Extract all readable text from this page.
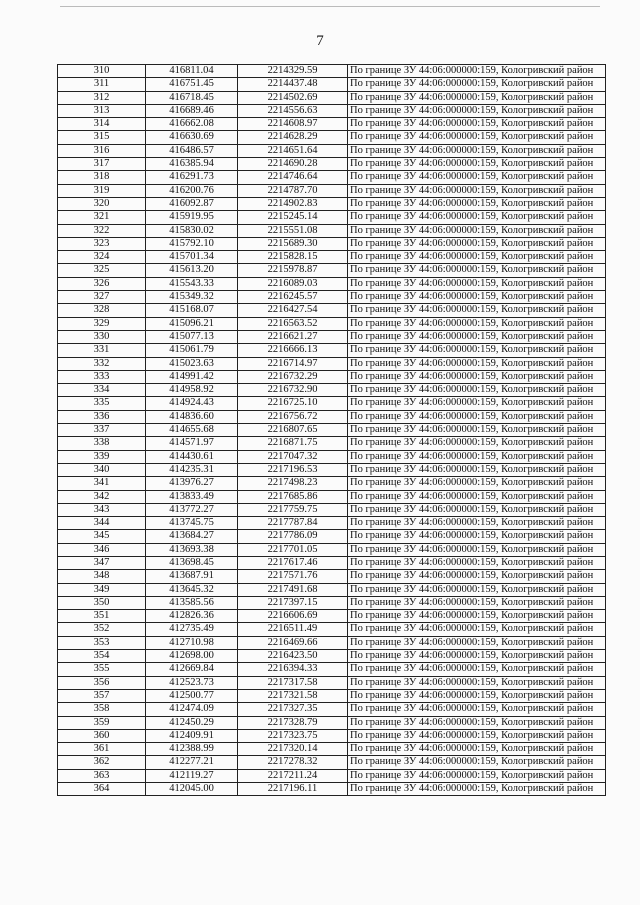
7
310	416811.04	2214329.59	По границе ЗУ 44:06:000000:159, Кологривский район
311	416751.45	2214437.48	По границе ЗУ 44:06:000000:159, Кологривский район
312	416718.45	2214502.69	По границе ЗУ 44:06:000000:159, Кологривский район
313	416689.46	2214556.63	По границе ЗУ 44:06:000000:159, Кологривский район
314	416662.08	2214608.97	По границе ЗУ 44:06:000000:159, Кологривский район
315	416630.69	2214628.29	По границе ЗУ 44:06:000000:159, Кологривский район
316	416486.57	2214651.64	По границе ЗУ 44:06:000000:159, Кологривский район
317	416385.94	2214690.28	По границе ЗУ 44:06:000000:159, Кологривский район
318	416291.73	2214746.64	По границе ЗУ 44:06:000000:159, Кологривский район
319	416200.76	2214787.70	По границе ЗУ 44:06:000000:159, Кологривский район
320	416092.87	2214902.83	По границе ЗУ 44:06:000000:159, Кологривский район
321	415919.95	2215245.14	По границе ЗУ 44:06:000000:159, Кологривский район
322	415830.02	2215551.08	По границе ЗУ 44:06:000000:159, Кологривский район
323	415792.10	2215689.30	По границе ЗУ 44:06:000000:159, Кологривский район
324	415701.34	2215828.15	По границе ЗУ 44:06:000000:159, Кологривский район
325	415613.20	2215978.87	По границе ЗУ 44:06:000000:159, Кологривский район
326	415543.33	2216089.03	По границе ЗУ 44:06:000000:159, Кологривский район
327	415349.32	2216245.57	По границе ЗУ 44:06:000000:159, Кологривский район
328	415168.07	2216427.54	По границе ЗУ 44:06:000000:159, Кологривский район
329	415096.21	2216563.52	По границе ЗУ 44:06:000000:159, Кологривский район
330	415077.13	2216621.27	По границе ЗУ 44:06:000000:159, Кологривский район
331	415061.79	2216666.13	По границе ЗУ 44:06:000000:159, Кологривский район
332	415023.63	2216714.97	По границе ЗУ 44:06:000000:159, Кологривский район
333	414991.42	2216732.29	По границе ЗУ 44:06:000000:159, Кологривский район
334	414958.92	2216732.90	По границе ЗУ 44:06:000000:159, Кологривский район
335	414924.43	2216725.10	По границе ЗУ 44:06:000000:159, Кологривский район
336	414836.60	2216756.72	По границе ЗУ 44:06:000000:159, Кологривский район
337	414655.68	2216807.65	По границе ЗУ 44:06:000000:159, Кологривский район
338	414571.97	2216871.75	По границе ЗУ 44:06:000000:159, Кологривский район
339	414430.61	2217047.32	По границе ЗУ 44:06:000000:159, Кологривский район
340	414235.31	2217196.53	По границе ЗУ 44:06:000000:159, Кологривский район
341	413976.27	2217498.23	По границе ЗУ 44:06:000000:159, Кологривский район
342	413833.49	2217685.86	По границе ЗУ 44:06:000000:159, Кологривский район
343	413772.27	2217759.75	По границе ЗУ 44:06:000000:159, Кологривский район
344	413745.75	2217787.84	По границе ЗУ 44:06:000000:159, Кологривский район
345	413684.27	2217786.09	По границе ЗУ 44:06:000000:159, Кологривский район
346	413693.38	2217701.05	По границе ЗУ 44:06:000000:159, Кологривский район
347	413698.45	2217617.46	По границе ЗУ 44:06:000000:159, Кологривский район
348	413687.91	2217571.76	По границе ЗУ 44:06:000000:159, Кологривский район
349	413645.32	2217491.68	По границе ЗУ 44:06:000000:159, Кологривский район
350	413585.56	2217397.15	По границе ЗУ 44:06:000000:159, Кологривский район
351	412826.36	2216606.69	По границе ЗУ 44:06:000000:159, Кологривский район
352	412735.49	2216511.49	По границе ЗУ 44:06:000000:159, Кологривский район
353	412710.98	2216469.66	По границе ЗУ 44:06:000000:159, Кологривский район
354	412698.00	2216423.50	По границе ЗУ 44:06:000000:159, Кологривский район
355	412669.84	2216394.33	По границе ЗУ 44:06:000000:159, Кологривский район
356	412523.73	2217317.58	По границе ЗУ 44:06:000000:159, Кологривский район
357	412500.77	2217321.58	По границе ЗУ 44:06:000000:159, Кологривский район
358	412474.09	2217327.35	По границе ЗУ 44:06:000000:159, Кологривский район
359	412450.29	2217328.79	По границе ЗУ 44:06:000000:159, Кологривский район
360	412409.91	2217323.75	По границе ЗУ 44:06:000000:159, Кологривский район
361	412388.99	2217320.14	По границе ЗУ 44:06:000000:159, Кологривский район
362	412277.21	2217278.32	По границе ЗУ 44:06:000000:159, Кологривский район
363	412119.27	2217211.24	По границе ЗУ 44:06:000000:159, Кологривский район
364	412045.00	2217196.11	По границе ЗУ 44:06:000000:159, Кологривский район
